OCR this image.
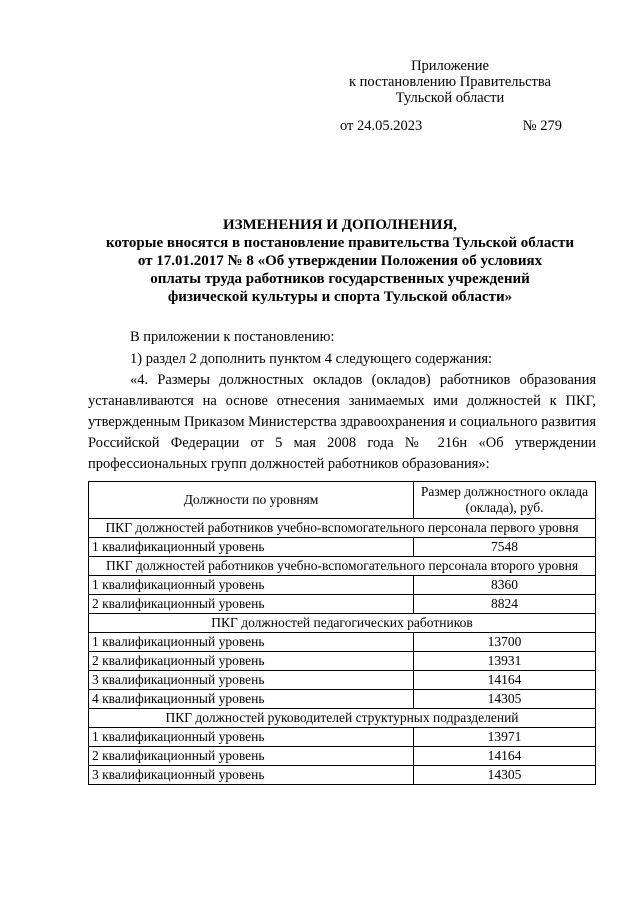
Приложение
к постановлению Правительства
Тульской области
от 24.05.2023	№ 279
ИЗМЕНЕНИЯ И ДОПОЛНЕНИЯ,
которые вносятся в постановление правительства Тульской области
от 17.01.2017 № 8 «Об утверждении Положения об условиях
оплаты труда работников государственных учреждений
физической культуры и спорта Тульской области»
В приложении к постановлению:
1) раздел 2 дополнить пунктом 4 следующего содержания:
«4. Размеры должностных окладов (окладов) работников образования устанавливаются на основе отнесения занимаемых ими должностей к ПКГ, утвержденным Приказом Министерства здравоохранения и социального развития Российской Федерации от 5 мая 2008 года № 216н «Об утверждении профессиональных групп должностей работников образования»:
Должности по уровням	Размер должностного оклада (оклада), руб.
ПКГ должностей работников учебно-вспомогательного персонала первого уровня	
1 квалификационный уровень	7548
ПКГ должностей работников учебно-вспомогательного персонала второго уровня	
1 квалификационный уровень	8360
2 квалификационный уровень	8824
ПКГ должностей педагогических работников	
1 квалификационный уровень	13700
2 квалификационный уровень	13931
3 квалификационный уровень	14164
4 квалификационный уровень	14305
ПКГ должностей руководителей структурных подразделений	
1 квалификационный уровень	13971
2 квалификационный уровень	14164
3 квалификационный уровень	14305
